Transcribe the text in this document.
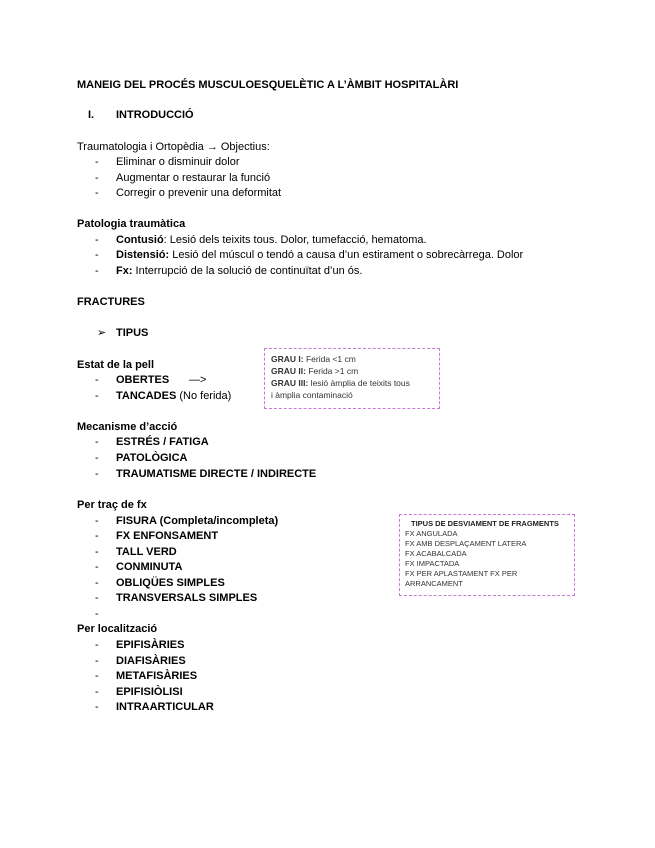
MANEIG DEL PROCÉS MUSCULOESQUELÈTIC A L’ÀMBIT HOSPITALÀRI
I. INTRODUCCIÓ
Traumatologia i Ortopèdia → Objectius:
-	Eliminar o disminuir dolor
-	Augmentar o restaurar la funció
-	Corregir o prevenir una deformitat
Patologia traumàtica
-	Contusió: Lesió dels teixits tous. Dolor, tumefacció, hematoma.
-	Distensió: Lesió del múscul o tendó a causa d’un estirament o sobrecàrrega. Dolor
-	Fx: Interrupció de la solució de continuïtat d’un ós.
FRACTURES
➢ TIPUS
Estat de la pell
-	OBERTES —>
-	TANCADES (No ferida)
GRAU I: Ferida <1 cm
GRAU II: Ferida >1 cm
GRAU III: lesió àmplia de teixits tous
i àmplia contaminació
Mecanisme d’acció
-	ESTRÉS / FATIGA
-	PATOLÒGICA
-	TRAUMATISME DIRECTE / INDIRECTE
Per traç de fx
-	FISURA (Completa/incompleta)
-	FX ENFONSAMENT
-	TALL VERD
-	CONMINUTA
-	OBLIQÜES SIMPLES
-	TRANSVERSALS SIMPLES
-
TIPUS DE DESVIAMENT DE FRAGMENTS
FX ANGULADA
FX AMB DESPLAÇAMENT LATERA
FX ACABALCADA
FX IMPACTADA
FX PER APLASTAMENT FX PER
ARRANCAMENT
Per localització
-	EPIFISÀRIES
-	DIAFISÀRIES
-	METAFISÀRIES
-	EPIFISIÒLISI
-	INTRAARTICULAR
